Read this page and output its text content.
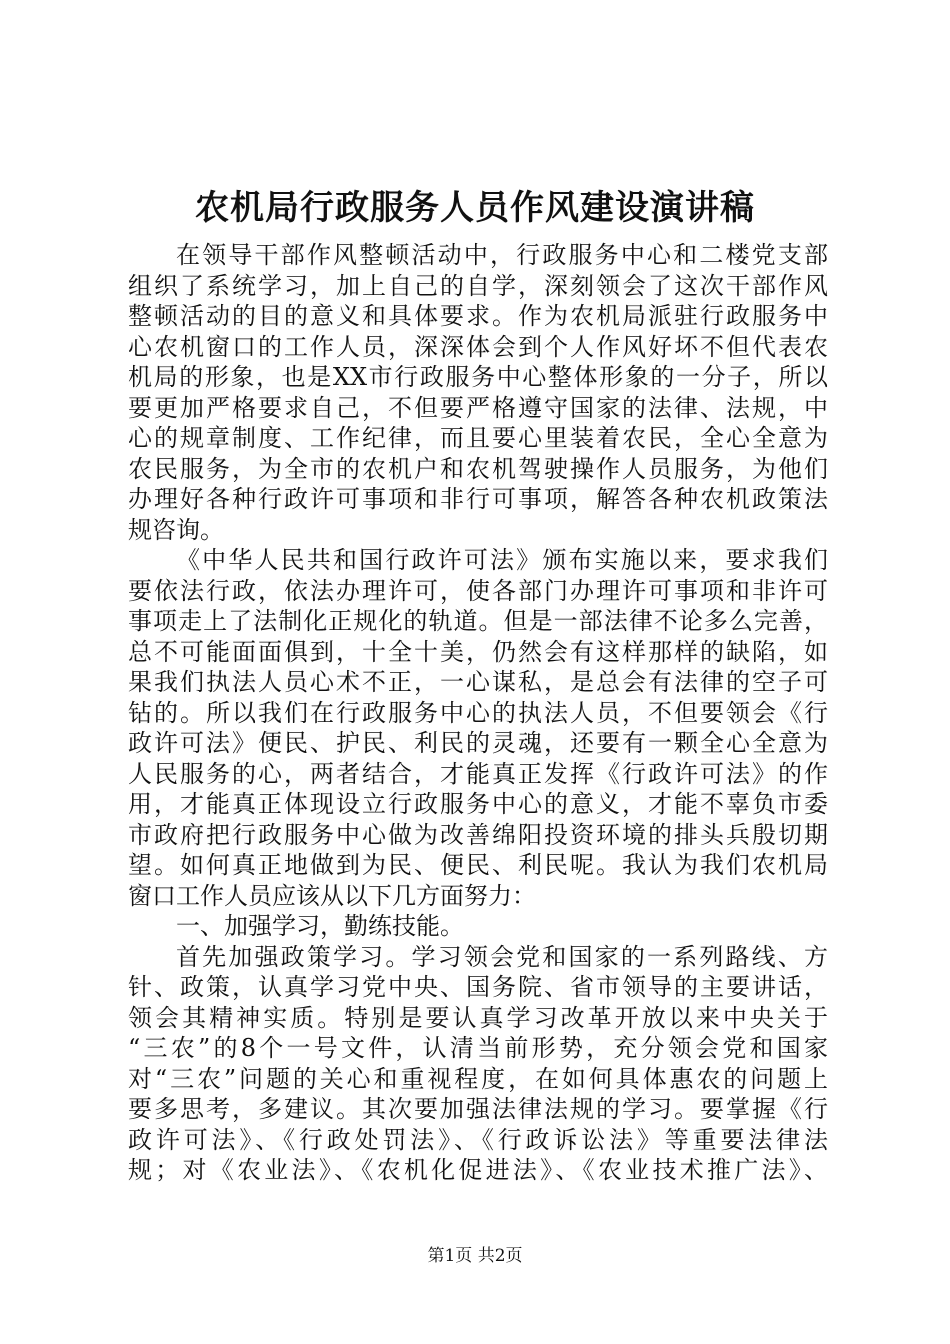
农机局行政服务人员作风建设演讲稿
在领导干部作风整顿活动中，行政服务中心和二楼党支部
组织了系统学习，加上自己的自学，深刻领会了这次干部作风
整顿活动的目的意义和具体要求。作为农机局派驻行政服务中
心农机窗口的工作人员，深深体会到个人作风好坏不但代表农
机局的形象，也是XX市行政服务中心整体形象的一分子，所以
要更加严格要求自己，不但要严格遵守国家的法律、法规，中
心的规章制度、工作纪律，而且要心里装着农民，全心全意为
农民服务，为全市的农机户和农机驾驶操作人员服务，为他们
办理好各种行政许可事项和非行可事项，解答各种农机政策法
规咨询。
《中华人民共和国行政许可法》颁布实施以来，要求我们
要依法行政，依法办理许可，使各部门办理许可事项和非许可
事项走上了法制化正规化的轨道。但是一部法律不论多么完善，
总不可能面面俱到，十全十美，仍然会有这样那样的缺陷，如
果我们执法人员心术不正，一心谋私，是总会有法律的空子可
钻的。所以我们在行政服务中心的执法人员，不但要领会《行
政许可法》便民、护民、利民的灵魂，还要有一颗全心全意为
人民服务的心，两者结合，才能真正发挥《行政许可法》的作
用，才能真正体现设立行政服务中心的意义，才能不辜负市委
市政府把行政服务中心做为改善绵阳投资环境的排头兵殷切期
望。如何真正地做到为民、便民、利民呢。我认为我们农机局
窗口工作人员应该从以下几方面努力：
一、加强学习，勤练技能。
首先加强政策学习。学习领会党和国家的一系列路线、方
针、政策，认真学习党中央、国务院、省市领导的主要讲话，
领会其精神实质。特别是要认真学习改革开放以来中央关于
“三农”的8个一号文件，认清当前形势，充分领会党和国家
对“三农”问题的关心和重视程度，在如何具体惠农的问题上
要多思考，多建议。其次要加强法律法规的学习。要掌握《行
政许可法》、《行政处罚法》、《行政诉讼法》等重要法律法
规；对《农业法》、《农机化促进法》、《农业技术推广法》、
第1页 共2页
